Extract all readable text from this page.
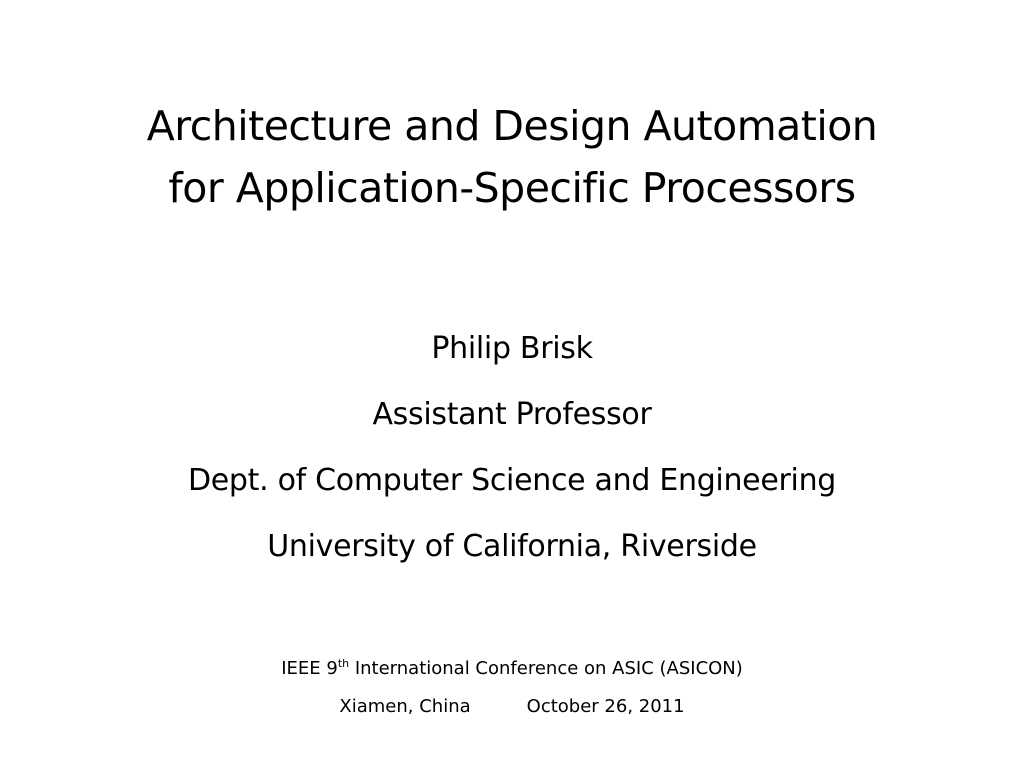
Architecture and Design Automation
for Application-Specific Processors
Philip Brisk
Assistant Professor
Dept. of Computer Science and Engineering
University of California, Riverside
IEEE 9th International Conference on ASIC (ASICON)
Xiamen, China	October 26, 2011
